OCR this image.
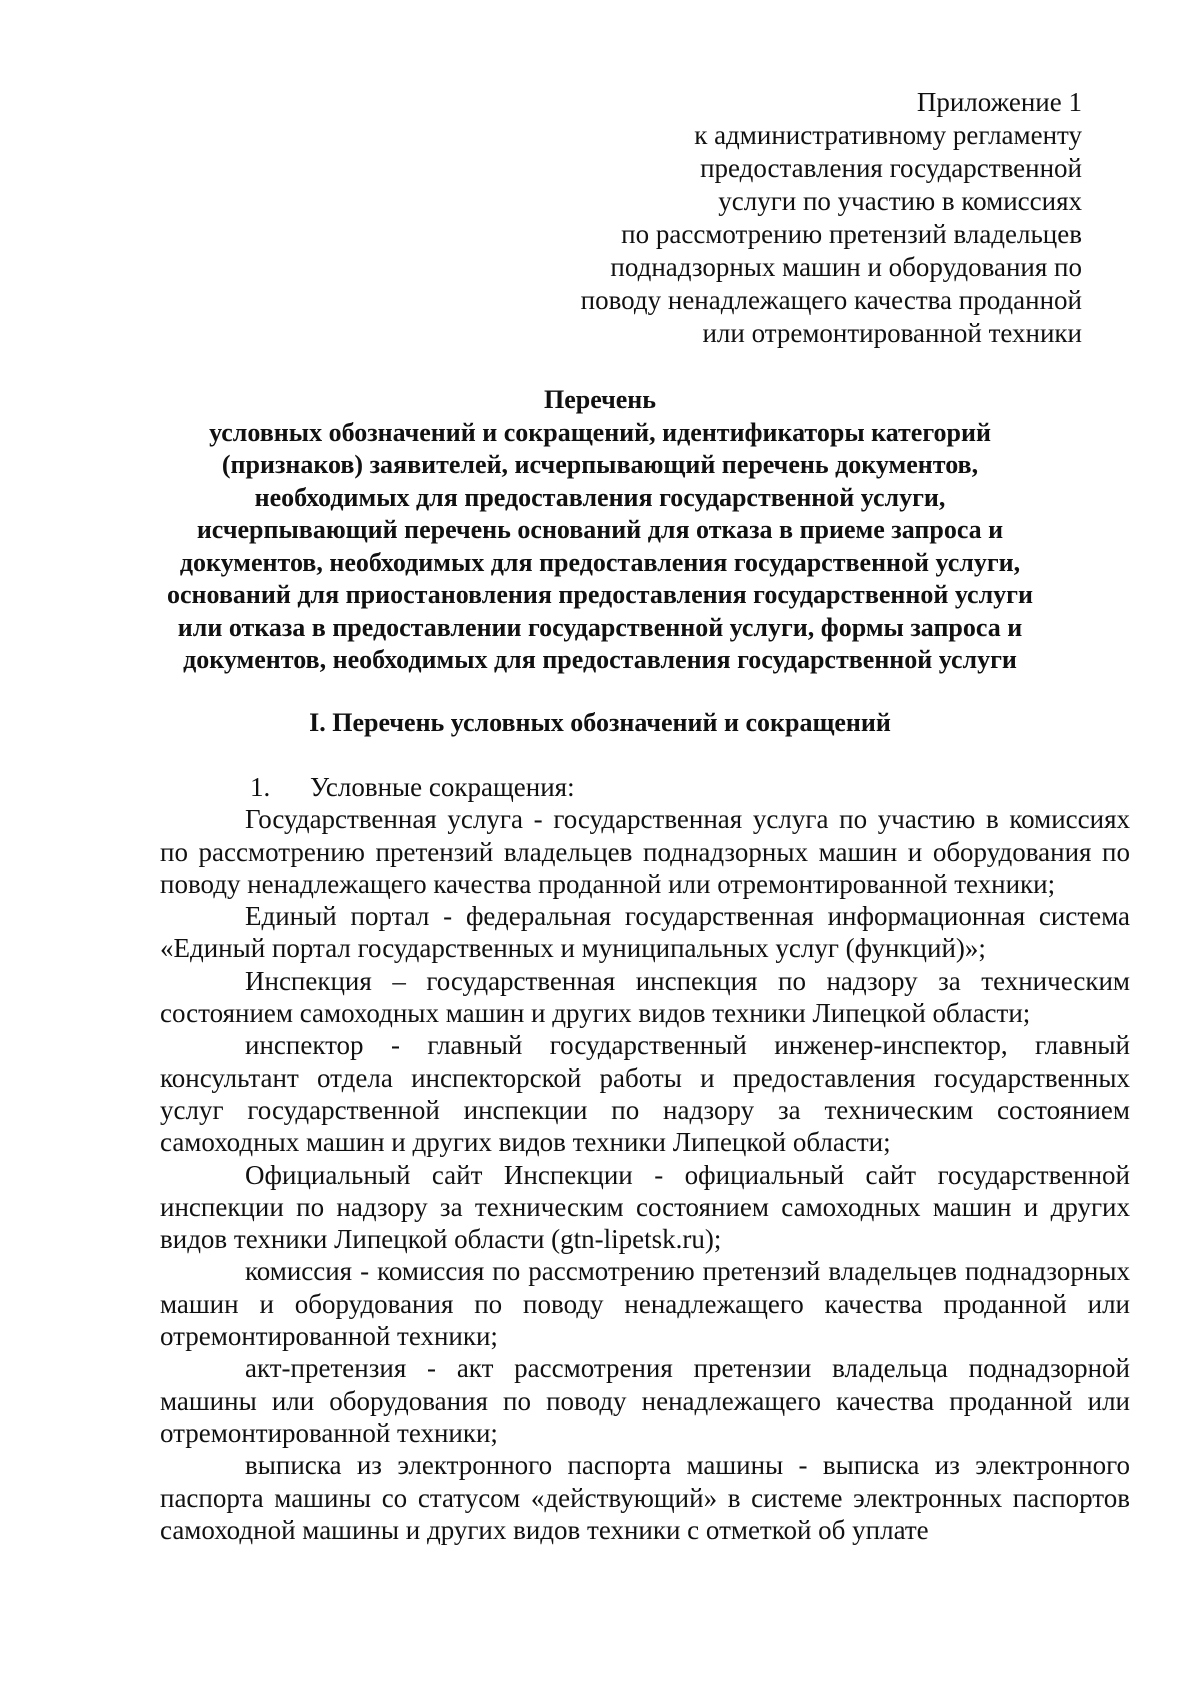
Приложение 1
к административному регламенту
предоставления государственной
услуги по участию в комиссиях
по рассмотрению претензий владельцев
поднадзорных машин и оборудования по
поводу ненадлежащего качества проданной
или отремонтированной техники
Перечень
условных обозначений и сокращений, идентификаторы категорий
(признаков) заявителей, исчерпывающий перечень документов,
необходимых для предоставления государственной услуги,
исчерпывающий перечень оснований для отказа в приеме запроса и
документов, необходимых для предоставления государственной услуги,
оснований для приостановления предоставления государственной услуги
или отказа в предоставлении государственной услуги, формы запроса и
документов, необходимых для предоставления государственной услуги
I. Перечень условных обозначений и сокращений
1. Условные сокращения:

Государственная услуга - государственная услуга по участию в комиссиях по рассмотрению претензий владельцев поднадзорных машин и оборудования по поводу ненадлежащего качества проданной или отремонтированной техники;

Единый портал - федеральная государственная информационная система «Единый портал государственных и муниципальных услуг (функций)»;

Инспекция – государственная инспекция по надзору за техническим состоянием самоходных машин и других видов техники Липецкой области;

инспектор - главный государственный инженер-инспектор, главный консультант отдела инспекторской работы и предоставления государственных услуг государственной инспекции по надзору за техническим состоянием самоходных машин и других видов техники Липецкой области;

Официальный сайт Инспекции - официальный сайт государственной инспекции по надзору за техническим состоянием самоходных машин и других видов техники Липецкой области (gtn-lipetsk.ru);

комиссия - комиссия по рассмотрению претензий владельцев поднадзорных машин и оборудования по поводу ненадлежащего качества проданной или отремонтированной техники;

акт-претензия - акт рассмотрения претензии владельца поднадзорной машины или оборудования по поводу ненадлежащего качества проданной или отремонтированной техники;

выписка из электронного паспорта машины - выписка из электронного паспорта машины со статусом «действующий» в системе электронных паспортов самоходной машины и других видов техники с отметкой об уплате
